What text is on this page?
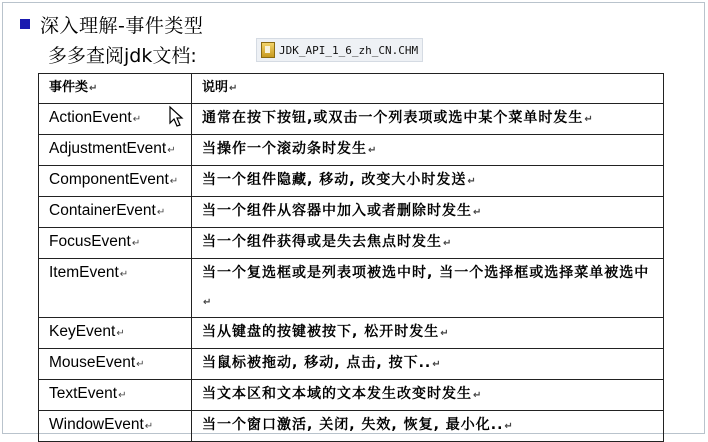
深入理解-事件类型
多多查阅jdk文档:	JDK_API_1_6_zh_CN.CHM
事件类↵	说明↵
ActionEvent↵	通常在按下按钮,或双击一个列表项或选中某个菜单时发生↵
AdjustmentEvent↵	当操作一个滚动条时发生↵
ComponentEvent↵	当一个组件隐藏, 移动, 改变大小时发送↵
ContainerEvent↵	当一个组件从容器中加入或者删除时发生↵
FocusEvent↵	当一个组件获得或是失去焦点时发生↵
ItemEvent↵	当一个复选框或是列表项被选中时, 当一个选择框或选择菜单被选中↵
KeyEvent↵	当从键盘的按键被按下, 松开时发生↵
MouseEvent↵	当鼠标被拖动, 移动, 点击, 按下..↵
TextEvent↵	当文本区和文本域的文本发生改变时发生↵
WindowEvent↵	当一个窗口激活, 关闭, 失效, 恢复, 最小化..↵
